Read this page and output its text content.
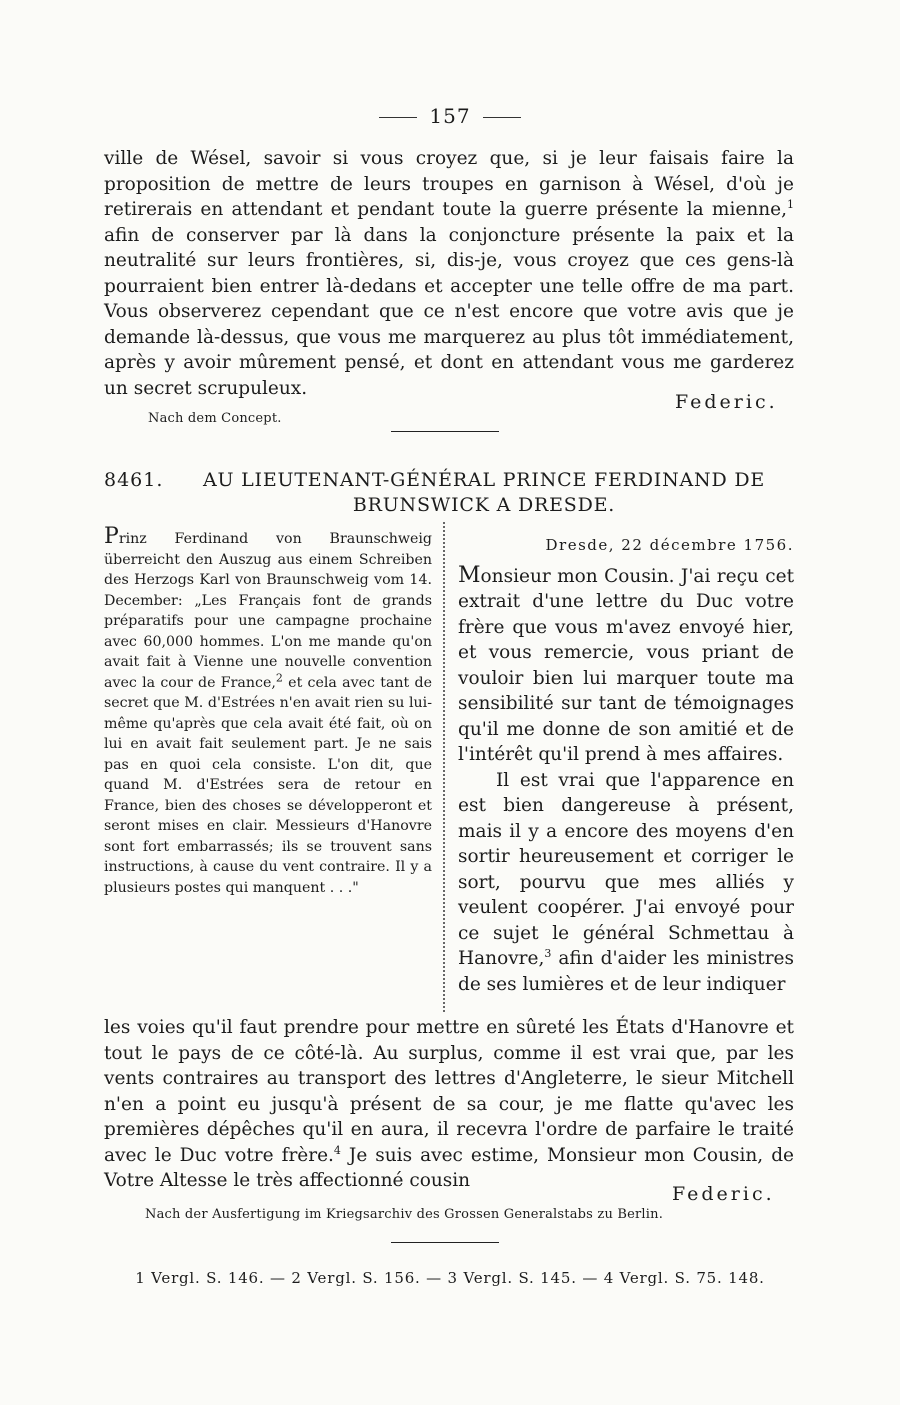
157

ville de Wésel, savoir si vous croyez que, si je leur faisais faire la proposition de mettre de leurs troupes en garnison à Wésel, d'où je retirerais en attendant et pendant toute la guerre présente la mienne,$^1$ afin de conserver par là dans la conjoncture présente la paix et la neutralité sur leurs frontières, si, dis-je, vous croyez que ces gens-là pourraient bien entrer là-dedans et accepter une telle offre de ma part. Vous observerez cependant que ce n'est encore que votre avis que je demande là-dessus, que vous me marquerez au plus tôt immédiatement, après y avoir mûrement pensé, et dont en attendant vous me garderez un secret scrupuleux.

Federic.
Nach dem Concept.
8461.	AU LIEUTENANT-GÉNÉRAL PRINCE FERDINAND DE BRUNSWICK A DRESDE.

Prinz Ferdinand von Braunschweig überreicht den Auszug aus einem Schreiben des Herzogs Karl von Braunschweig vom 14. December: „Les Français font de grands préparatifs pour une campagne prochaine avec 60,000 hommes. L'on me mande qu'on avait fait à Vienne une nouvelle convention avec la cour de France,$^2$ et cela avec tant de secret que M. d'Estrées n'en avait rien su lui-même qu'après que cela avait été fait, où on lui en avait fait seulement part. Je ne sais pas en quoi cela consiste. L'on dit, que quand M. d'Estrées sera de retour en France, bien des choses se développeront et seront mises en clair. Messieurs d'Hanovre sont fort embarrassés; ils se trouvent sans instructions, à cause du vent contraire. Il y a plusieurs postes qui manquent . . ."

Dresde, 22 décembre 1756.
Monsieur mon Cousin. J'ai reçu cet extrait d'une lettre du Duc votre frère que vous m'avez envoyé hier, et vous remercie, vous priant de vouloir bien lui marquer toute ma sensibilité sur tant de témoignages qu'il me donne de son amitié et de l'intérêt qu'il prend à mes affaires.
Il est vrai que l'apparence en est bien dangereuse à présent, mais il y a encore des moyens d'en sortir heureusement et corriger le sort, pourvu que mes alliés y veulent coopérer. J'ai envoyé pour ce sujet le général Schmettau à Hanovre,$^3$ afin d'aider les ministres de ses lumières et de leur indiquer

les voies qu'il faut prendre pour mettre en sûreté les États d'Hanovre et tout le pays de ce côté-là. Au surplus, comme il est vrai que, par les vents contraires au transport des lettres d'Angleterre, le sieur Mitchell n'en a point eu jusqu'à présent de sa cour, je me flatte qu'avec les premières dépêches qu'il en aura, il recevra l'ordre de parfaire le traité avec le Duc votre frère.$^4$ Je suis avec estime, Monsieur mon Cousin, de Votre Altesse le très affectionné cousin

Federic.
Nach der Ausfertigung im Kriegsarchiv des Grossen Generalstabs zu Berlin.
1 Vergl. S. 146. — 2 Vergl. S. 156. — 3 Vergl. S. 145. — 4 Vergl. S. 75. 148.
